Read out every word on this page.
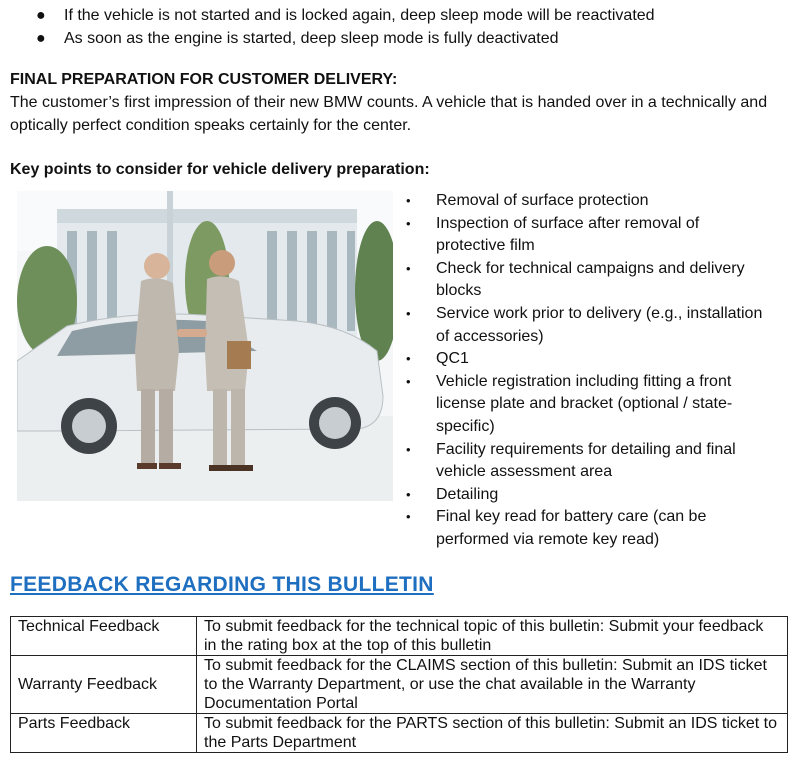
● If the vehicle is not started and is locked again, deep sleep mode will be reactivated
● As soon as the engine is started, deep sleep mode is fully deactivated
FINAL PREPARATION FOR CUSTOMER DELIVERY:
The customer’s first impression of their new BMW counts. A vehicle that is handed over in a technically and optically perfect condition speaks certainly for the center.
Key points to consider for vehicle delivery preparation:
• Removal of surface protection
• Inspection of surface after removal of protective film
• Check for technical campaigns and delivery blocks
• Service work prior to delivery (e.g., installation of accessories)
• QC1
• Vehicle registration including fitting a front license plate and bracket (optional / state-specific)
• Facility requirements for detailing and final vehicle assessment area
• Detailing
• Final key read for battery care (can be performed via remote key read)
FEEDBACK REGARDING THIS BULLETIN
Technical Feedback	To submit feedback for the technical topic of this bulletin: Submit your feedback in the rating box at the top of this bulletin
Warranty Feedback	To submit feedback for the CLAIMS section of this bulletin: Submit an IDS ticket to the Warranty Department, or use the chat available in the Warranty Documentation Portal
Parts Feedback	To submit feedback for the PARTS section of this bulletin: Submit an IDS ticket to the Parts Department
